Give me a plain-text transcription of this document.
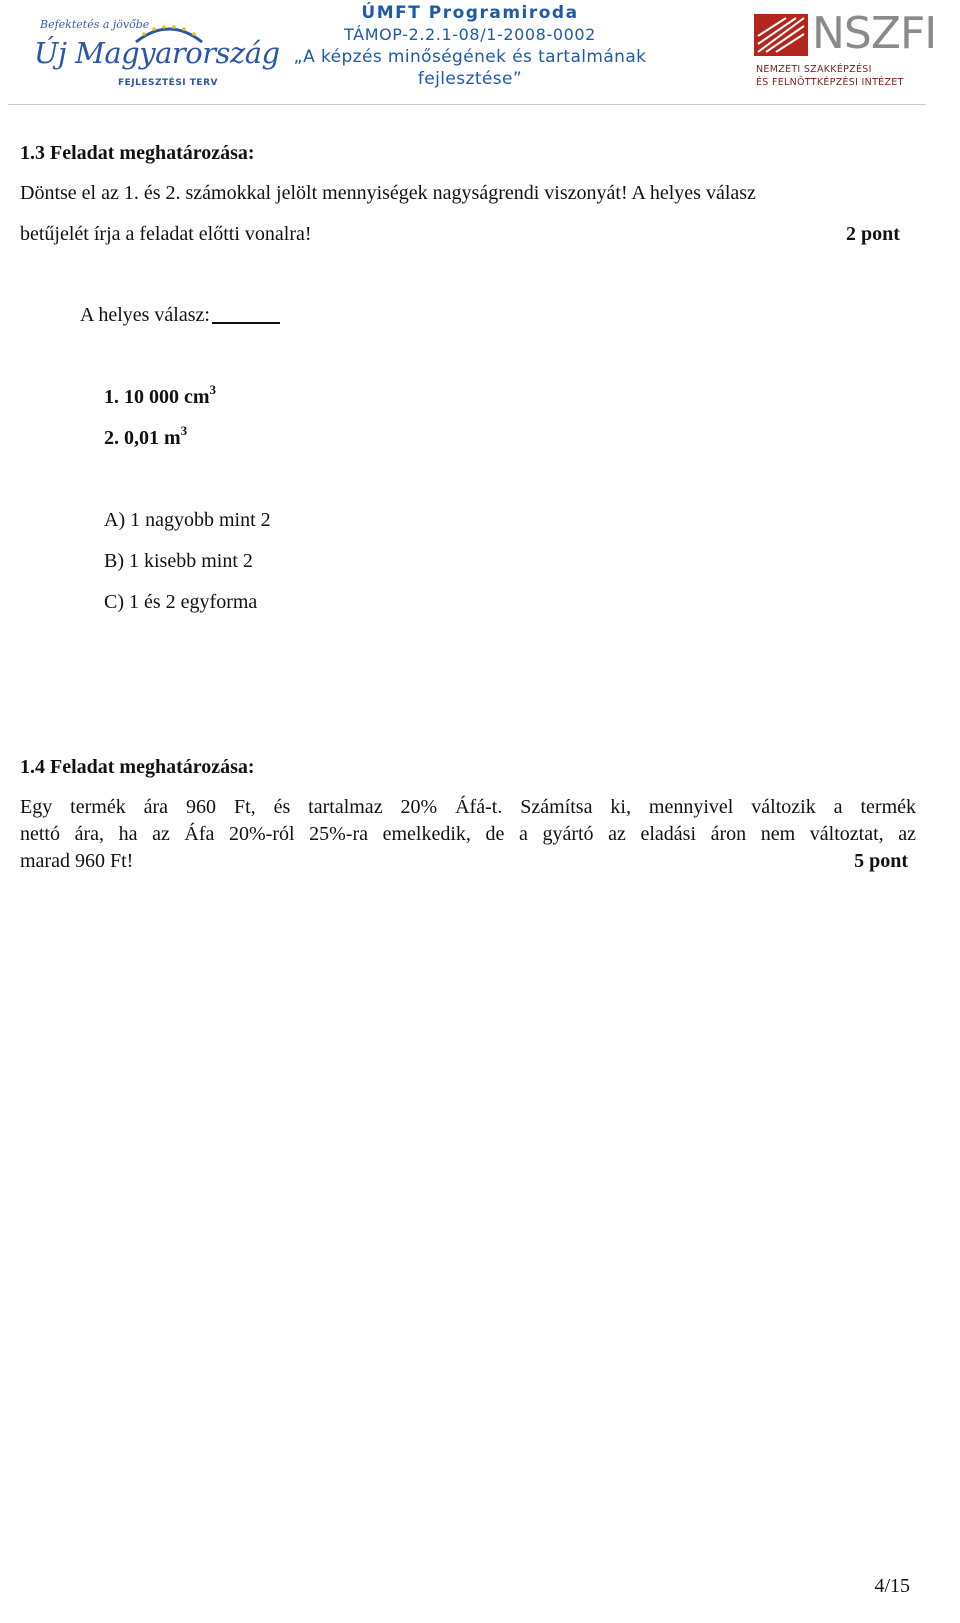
Befektetés a jövőbe
Új Magyarország
FEJLESZTÉSI TERV
ÚMFT Programiroda
TÁMOP-2.2.1-08/1-2008-0002
„A képzés minőségének és tartalmának
fejlesztése”
NSZFI
NEMZETI SZAKKÉPZÉSI
ÉS FELNŐTTKÉPZÉSI INTÉZET
1.3 Feladat meghatározása:
Döntse el az 1. és 2. számokkal jelölt mennyiségek nagyságrendi viszonyát! A helyes válasz
betűjelét írja a feladat előtti vonalra!	2 pont
A helyes válasz:
1. 10 000 $cm^3$
2. 0,01 $m^3$
A) 1 nagyobb mint 2
B) 1 kisebb mint 2
C) 1 és 2 egyforma
1.4 Feladat meghatározása:
Egy termék ára 960 Ft, és tartalmaz 20% Áfá-t. Számítsa ki, mennyivel változik a termék
nettó ára, ha az Áfa 20%-ról 25%-ra emelkedik, de a gyártó az eladási áron nem változtat, az
marad 960 Ft!	5 pont
4/15
